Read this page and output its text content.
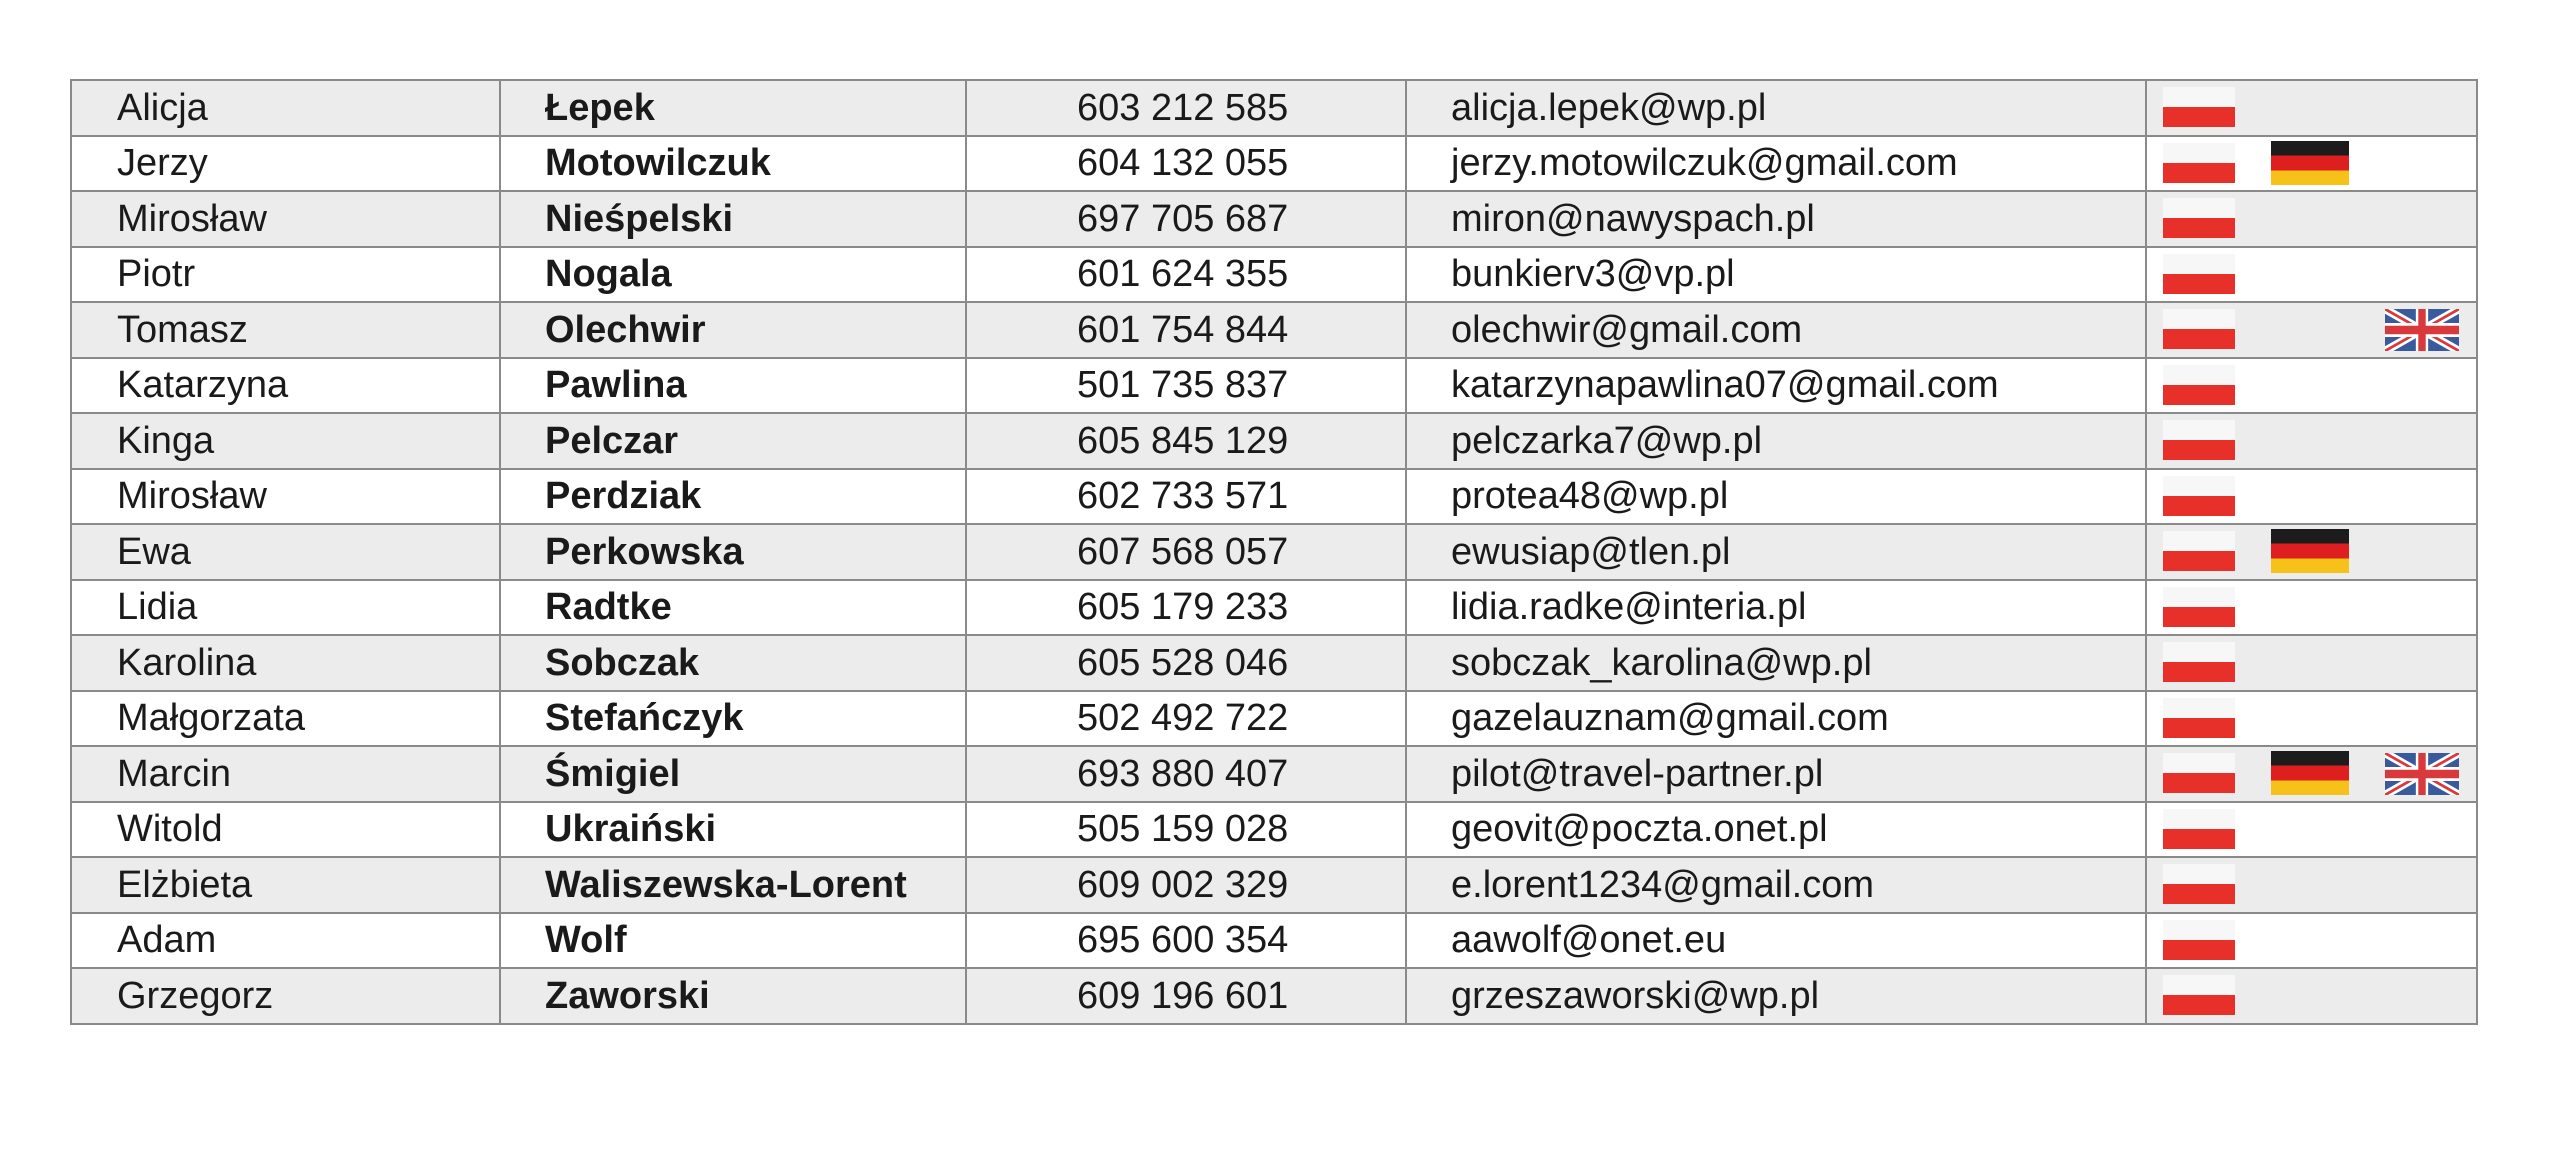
Alicja	Łepek	603 212 585	alicja.lepek@wp.pl	

Jerzy	Motowilczuk	604 132 055	jerzy.motowilczuk@gmail.com	

Mirosław	Nieśpelski	697 705 687	miron@nawyspach.pl	

Piotr	Nogala	601 624 355	bunkierv3@vp.pl	

Tomasz	Olechwir	601 754 844	olechwir@gmail.com	

Katarzyna	Pawlina	501 735 837	katarzynapawlina07@gmail.com	

Kinga	Pelczar	605 845 129	pelczarka7@wp.pl	

Mirosław	Perdziak	602 733 571	protea48@wp.pl	

Ewa	Perkowska	607 568 057	ewusiap@tlen.pl	

Lidia	Radtke	605 179 233	lidia.radke@interia.pl	

Karolina	Sobczak	605 528 046	sobczak_karolina@wp.pl	

Małgorzata	Stefańczyk	502 492 722	gazelauznam@gmail.com	

Marcin	Śmigiel	693 880 407	pilot@travel-partner.pl	

Witold	Ukraiński	505 159 028	geovit@poczta.onet.pl	

Elżbieta	Waliszewska-Lorent	609 002 329	e.lorent1234@gmail.com	

Adam	Wolf	695 600 354	aawolf@onet.eu	

Grzegorz	Zaworski	609 196 601	grzeszaworski@wp.pl	
